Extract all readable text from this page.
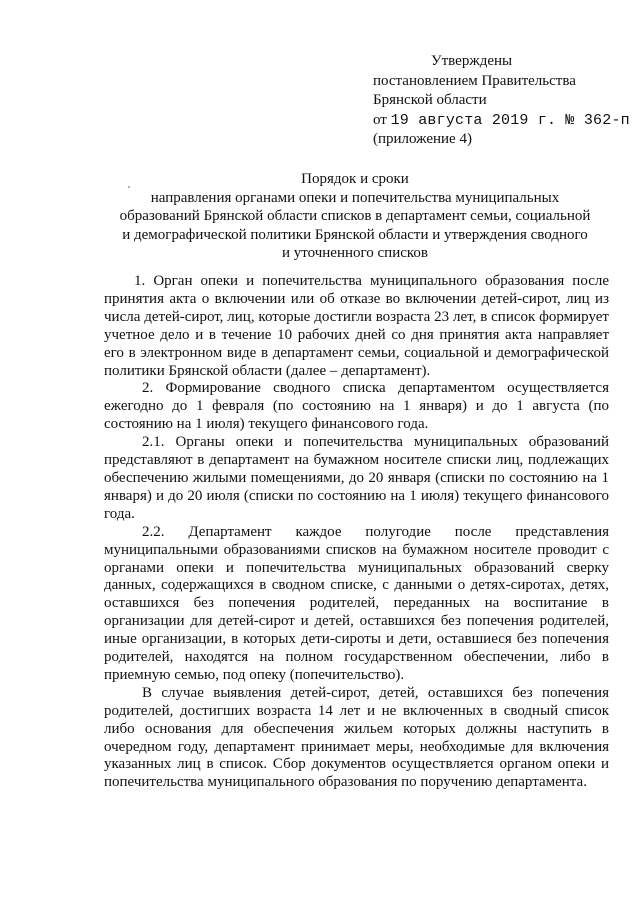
Утверждены
постановлением Правительства
Брянской области
от 19 августа 2019 г. № 362-п
(приложение 4)
Порядок и сроки
направления органами опеки и попечительства муниципальных
образований Брянской области списков в департамент семьи, социальной
и демографической политики Брянской области и утверждения сводного
и уточненного списков

1. Орган опеки и попечительства муниципального образования после принятия акта о включении или об отказе во включении детей-сирот, лиц из числа детей-сирот, лиц, которые достигли возраста 23 лет, в список формирует учетное дело и в течение 10 рабочих дней со дня принятия акта направляет его в электронном виде в департамент семьи, социальной и демографической политики Брянской области (далее – департамент).

2. Формирование сводного списка департаментом осуществляется ежегодно до 1 февраля (по состоянию на 1 января) и до 1 августа (по состоянию на 1 июля) текущего финансового года.

2.1. Органы опеки и попечительства муниципальных образований представляют в департамент на бумажном носителе списки лиц, подлежащих обеспечению жилыми помещениями, до 20 января (списки по состоянию на 1 января) и до 20 июля (списки по состоянию на 1 июля) текущего финансового года.

2.2. Департамент каждое полугодие после представления муниципальными образованиями списков на бумажном носителе проводит с органами опеки и попечительства муниципальных образований сверку данных, содержащихся в сводном списке, с данными о детях-сиротах, детях, оставшихся без попечения родителей, переданных на воспитание в организации для детей-сирот и детей, оставшихся без попечения родителей, иные организации, в которых дети-сироты и дети, оставшиеся без попечения родителей, находятся на полном государственном обеспечении, либо в приемную семью, под опеку (попечительство).

В случае выявления детей-сирот, детей, оставшихся без попечения родителей, достигших возраста 14 лет и не включенных в сводный список либо основания для обеспечения жильем которых должны наступить в очередном году, департамент принимает меры, необходимые для включения указанных лиц в список. Сбор документов осуществляется органом опеки и попечительства муниципального образования по поручению департамента.
